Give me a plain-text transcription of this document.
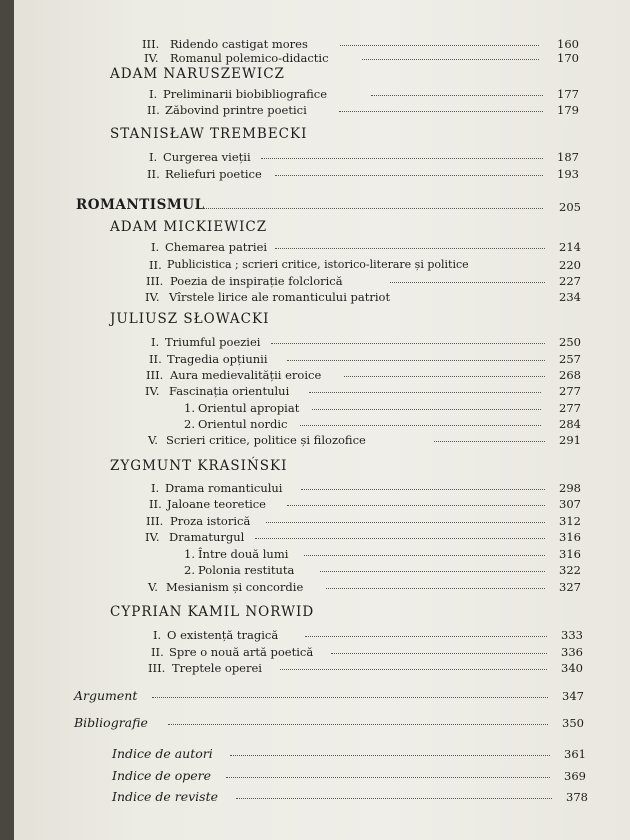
III. Ridendo castigat mores	160
IV. Romanul polemico-didactic	170
ADAM NARUSZEWICZ
I. Preliminarii biobibliografice	177
II. Zăbovind printre poetici	179
STANISŁAW TREMBECKI
I. Curgerea vieții	187
II. Reliefuri poetice	193
ROMANTISMUL	205
ADAM MICKIEWICZ
I. Chemarea patriei	214
II. Publicistica ; scrieri critice, istorico-literare și politice	220
III. Poezia de inspirație folclorică	227
IV. Vîrstele lirice ale romanticului patriot	234
JULIUSZ SŁOWACKI
I. Triumful poeziei	250
II. Tragedia opțiunii	257
III. Aura medievalității eroice	268
IV. Fascinația orientului	277
1. Orientul apropiat	277
2. Orientul nordic	284
V. Scrieri critice, politice și filozofice	291
ZYGMUNT KRASIŃSKI
I. Drama romanticului	298
II. Jaloane teoretice	307
III. Proza istorică	312
IV. Dramaturgul	316
1. Între două lumi	316
2. Polonia restituta	322
V. Mesianism și concordie	327
CYPRIAN KAMIL NORWID
I. O existență tragică	333
II. Spre o nouă artă poetică	336
III. Treptele operei	340
Argument	347
Bibliografie	350
Indice de autori	361
Indice de opere	369
Indice de reviste	378
